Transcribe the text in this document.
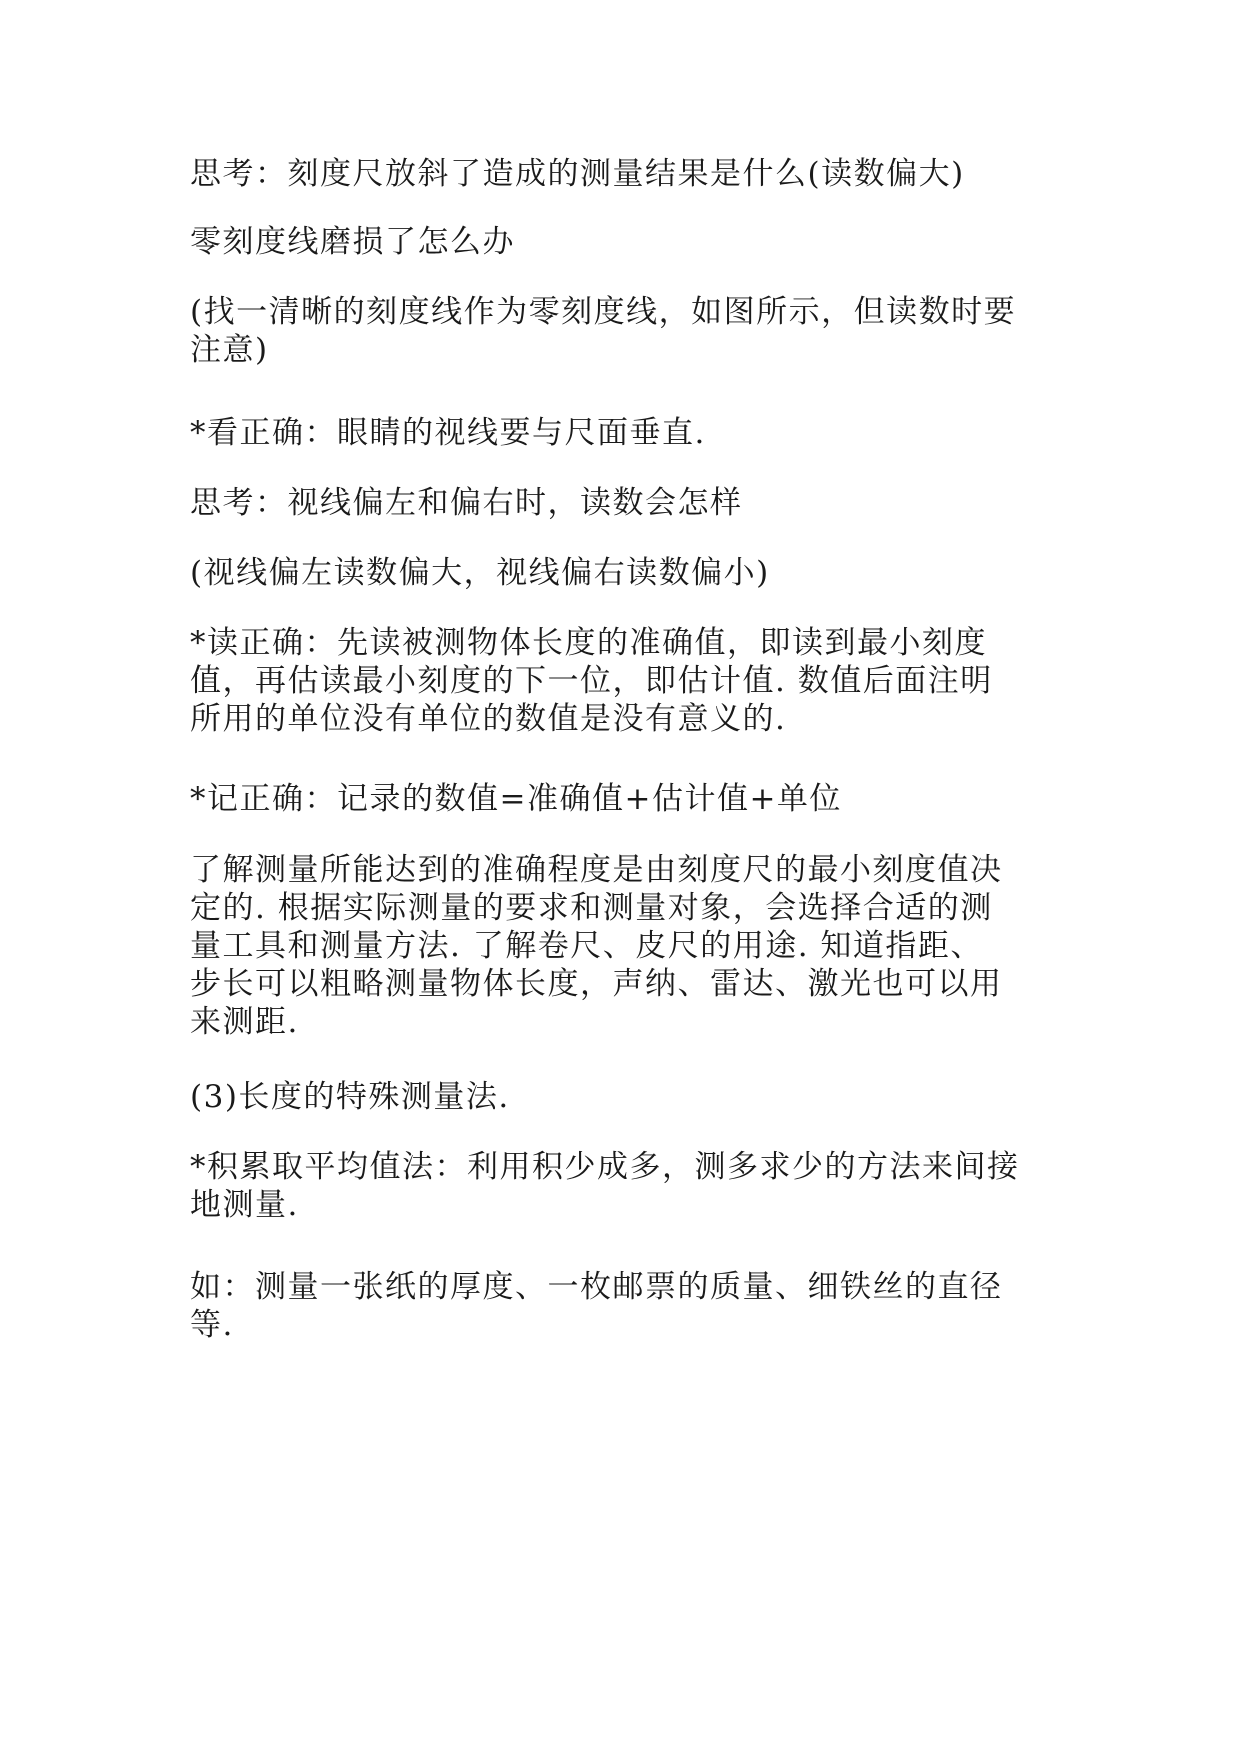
思考：刻度尺放斜了造成的测量结果是什么(读数偏大)

零刻度线磨损了怎么办

(找一清晰的刻度线作为零刻度线，如图所示，但读数时要
注意)

*看正确：眼睛的视线要与尺面垂直.

思考：视线偏左和偏右时，读数会怎样

(视线偏左读数偏大，视线偏右读数偏小)

*读正确：先读被测物体长度的准确值，即读到最小刻度
值，再估读最小刻度的下一位，即估计值. 数值后面注明
所用的单位没有单位的数值是没有意义的.

*记正确：记录的数值=准确值+估计值+单位

了解测量所能达到的准确程度是由刻度尺的最小刻度值决
定的. 根据实际测量的要求和测量对象，会选择合适的测
量工具和测量方法. 了解卷尺、皮尺的用途. 知道指距、
步长可以粗略测量物体长度，声纳、雷达、激光也可以用
来测距.

(3)长度的特殊测量法.

*积累取平均值法：利用积少成多，测多求少的方法来间接
地测量.

如：测量一张纸的厚度、一枚邮票的质量、细铁丝的直径
等.
